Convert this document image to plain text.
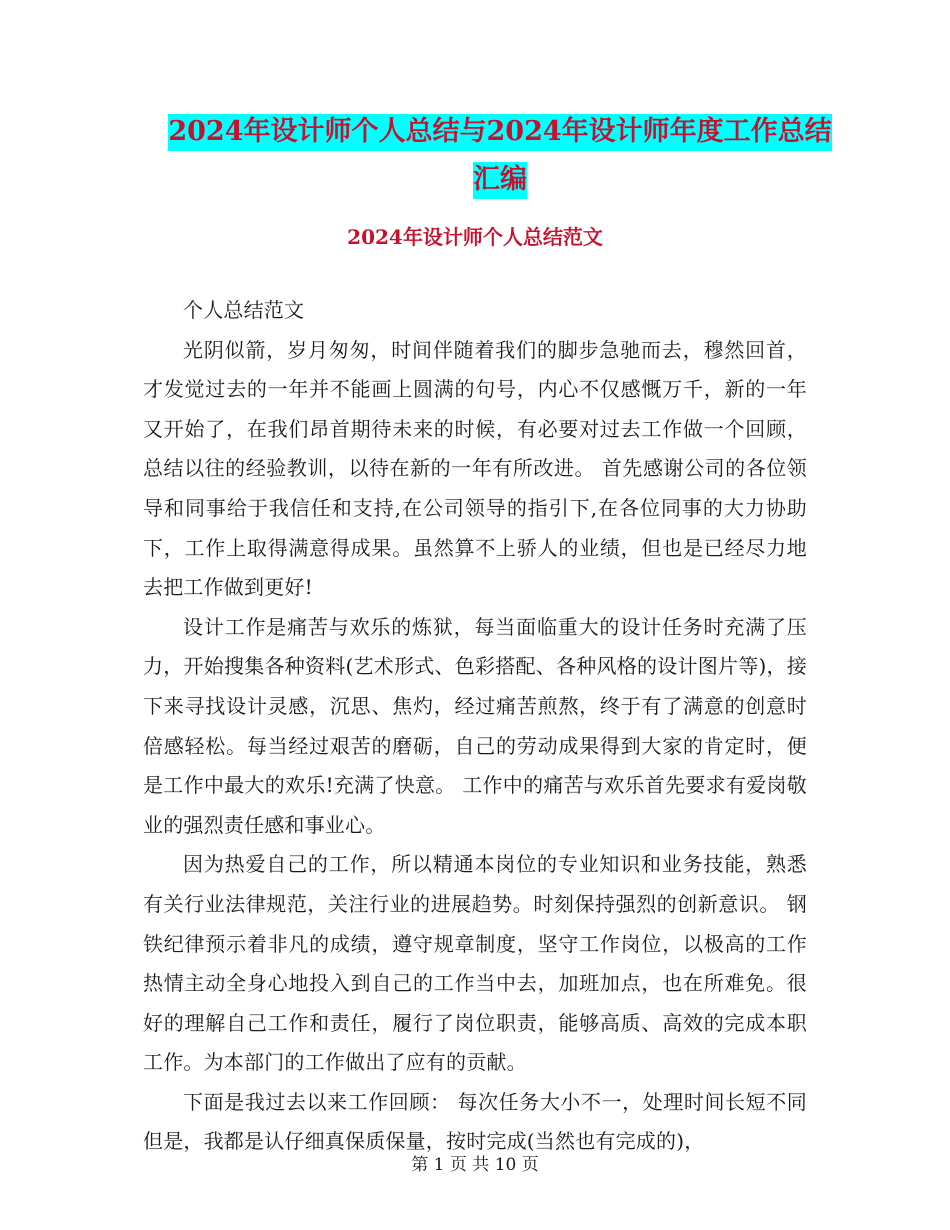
2024年设计师个人总结与2024年设计师年度工作总结
汇编
2024年设计师个人总结范文

个人总结范文

光阴似箭，岁月匆匆，时间伴随着我们的脚步急驰而去，穆然回首，才发觉过去的一年并不能画上圆满的句号，内心不仅感慨万千，新的一年又开始了，在我们昂首期待未来的时候，有必要对过去工作做一个回顾，总结以往的经验教训，以待在新的一年有所改进。 首先感谢公司的各位领导和同事给于我信任和支持,在公司领导的指引下,在各位同事的大力协助下，工作上取得满意得成果。虽然算不上骄人的业绩，但也是已经尽力地去把工作做到更好!

设计工作是痛苦与欢乐的炼狱，每当面临重大的设计任务时充满了压力，开始搜集各种资料(艺术形式、色彩搭配、各种风格的设计图片等)，接下来寻找设计灵感，沉思、焦灼，经过痛苦煎熬，终于有了满意的创意时倍感轻松。每当经过艰苦的磨砺，自己的劳动成果得到大家的肯定时，便是工作中最大的欢乐!充满了快意。 工作中的痛苦与欢乐首先要求有爱岗敬业的强烈责任感和事业心。

因为热爱自己的工作，所以精通本岗位的专业知识和业务技能，熟悉有关行业法律规范，关注行业的进展趋势。时刻保持强烈的创新意识。 钢铁纪律预示着非凡的成绩，遵守规章制度，坚守工作岗位，以极高的工作热情主动全身心地投入到自己的工作当中去，加班加点，也在所难免。很好的理解自己工作和责任，履行了岗位职责，能够高质、高效的完成本职工作。为本部门的工作做出了应有的贡献。

下面是我过去以来工作回顾： 每次任务大小不一，处理时间长短不同但是，我都是认仔细真保质保量，按时完成(当然也有完成的)，

第 1 页 共 10 页
